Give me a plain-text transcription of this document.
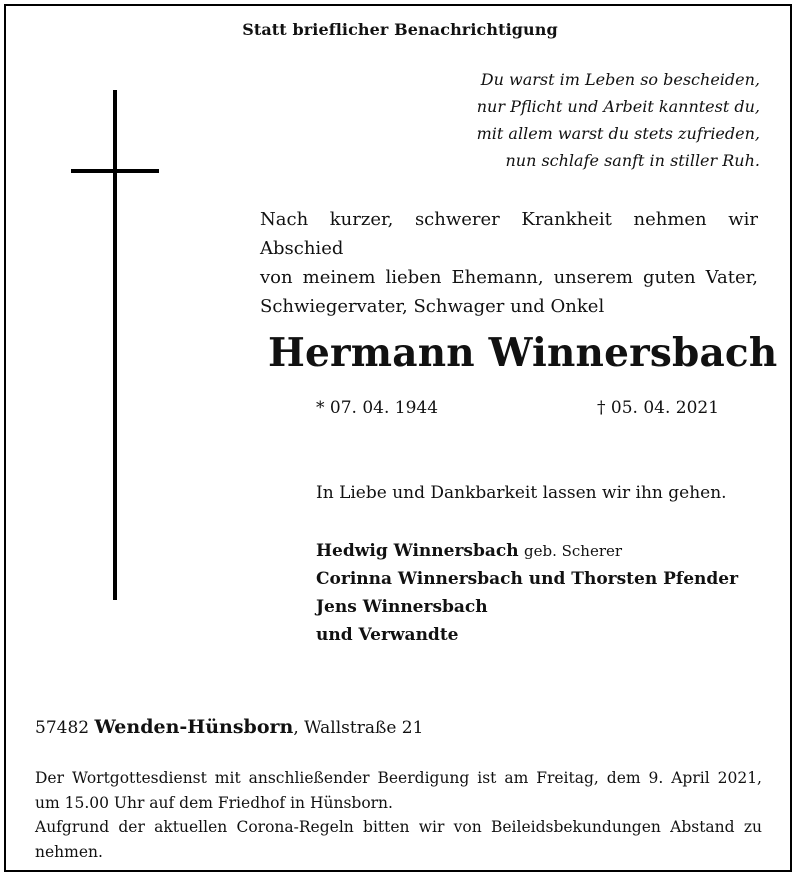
Statt brieflicher Benachrichtigung
Du warst im Leben so bescheiden,
nur Pflicht und Arbeit kanntest du,
mit allem warst du stets zufrieden,
nun schlafe sanft in stiller Ruh.
Nach kurzer, schwerer Krankheit nehmen wir Abschied
von meinem lieben Ehemann, unserem guten Vater,
Schwiegervater, Schwager und Onkel
Hermann Winnersbach
* 07. 04. 1944	† 05. 04. 2021
In Liebe und Dankbarkeit lassen wir ihn gehen.
Hedwig Winnersbach geb. Scherer
Corinna Winnersbach und Thorsten Pfender
Jens Winnersbach
und Verwandte
57482 Wenden-Hünsborn, Wallstraße 21
Der Wortgottesdienst mit anschließender Beerdigung ist am Freitag, dem 9. April 2021,
um 15.00 Uhr auf dem Friedhof in Hünsborn.
Aufgrund der aktuellen Corona-Regeln bitten wir von Beileidsbekundungen Abstand zu
nehmen.
